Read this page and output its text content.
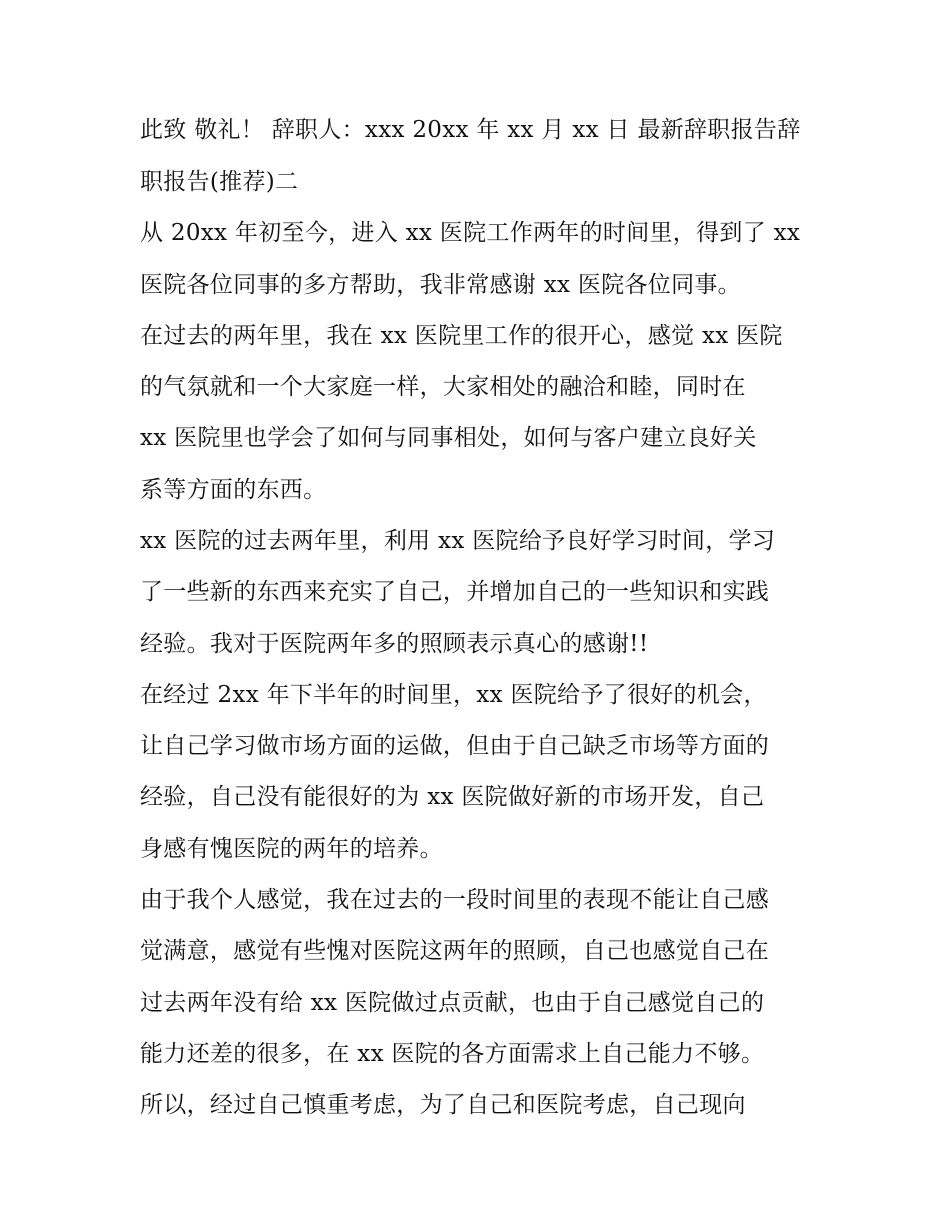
此致 敬礼！ 辞职人：xxx 20xx 年 xx 月 xx 日 最新辞职报告辞
职报告(推荐)二
从 20xx 年初至今，进入 xx 医院工作两年的时间里，得到了 xx
医院各位同事的多方帮助，我非常感谢 xx 医院各位同事。
在过去的两年里，我在 xx 医院里工作的很开心，感觉 xx 医院
的气氛就和一个大家庭一样，大家相处的融洽和睦，同时在
xx 医院里也学会了如何与同事相处，如何与客户建立良好关
系等方面的东西。
xx 医院的过去两年里，利用 xx 医院给予良好学习时间，学习
了一些新的东西来充实了自己，并增加自己的一些知识和实践
经验。我对于医院两年多的照顾表示真心的感谢!!
在经过 2xx 年下半年的时间里，xx 医院给予了很好的机会，
让自己学习做市场方面的运做，但由于自己缺乏市场等方面的
经验，自己没有能很好的为 xx 医院做好新的市场开发，自己
身感有愧医院的两年的培养。
由于我个人感觉，我在过去的一段时间里的表现不能让自己感
觉满意，感觉有些愧对医院这两年的照顾，自己也感觉自己在
过去两年没有给 xx 医院做过点贡献，也由于自己感觉自己的
能力还差的很多，在 xx 医院的各方面需求上自己能力不够。
所以，经过自己慎重考虑，为了自己和医院考虑，自己现向
